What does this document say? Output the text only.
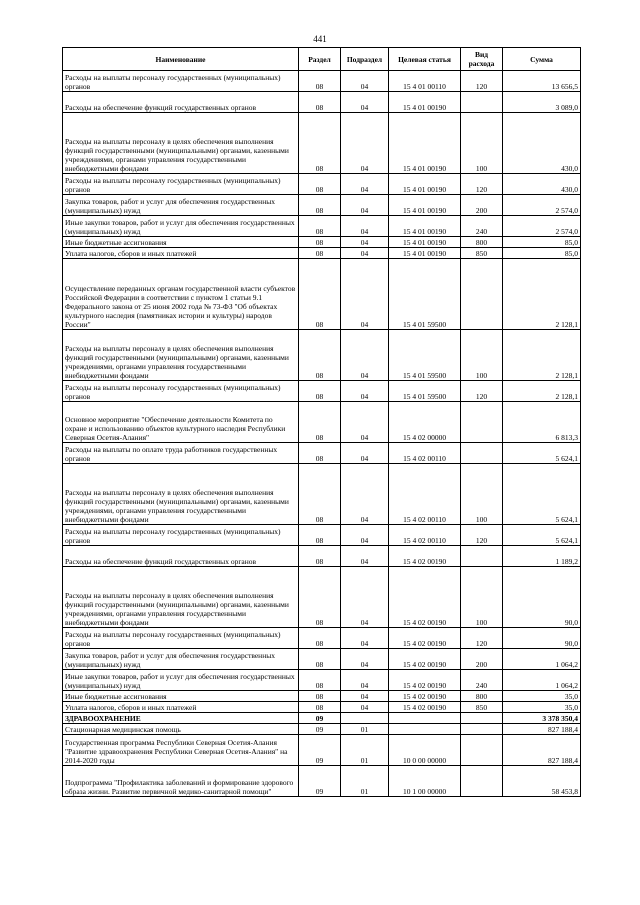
441
Наименование	Раздел	Подраздел	Целевая статья	Вид расхода	Сумма
Расходы на выплаты персоналу государственных (муниципальных) органов	08	04	15 4 01 00110	120	13 656,5
Расходы на обеспечение функций государственных органов	08	04	15 4 01 00190		3 089,0
Расходы на выплаты персоналу в целях обеспечения выполнения функций государственными (муниципальными) органами, казенными учреждениями, органами управления государственными внебюджетными фондами	08	04	15 4 01 00190	100	430,0
Расходы на выплаты персоналу государственных (муниципальных) органов	08	04	15 4 01 00190	120	430,0
Закупка товаров, работ и услуг для обеспечения государственных (муниципальных) нужд	08	04	15 4 01 00190	200	2 574,0
Иные закупки товаров, работ и услуг для обеспечения государственных (муниципальных) нужд	08	04	15 4 01 00190	240	2 574,0
Иные бюджетные ассигнования	08	04	15 4 01 00190	800	85,0
Уплата налогов, сборов и иных платежей	08	04	15 4 01 00190	850	85,0
Осуществление переданных органам государственной власти субъектов Российской Федерации в соответствии с пунктом 1 статьи 9.1 Федерального закона от 25 июня 2002 года № 73-ФЗ "Об объектах культурного наследия (памятниках истории и культуры) народов России"	08	04	15 4 01 59500		2 128,1
Расходы на выплаты персоналу в целях обеспечения выполнения функций государственными (муниципальными) органами, казенными учреждениями, органами управления государственными внебюджетными фондами	08	04	15 4 01 59500	100	2 128,1
Расходы на выплаты персоналу государственных (муниципальных) органов	08	04	15 4 01 59500	120	2 128,1
Основное мероприятие "Обеспечение деятельности Комитета по охране и использованию объектов культурного наследия Республики Северная Осетия-Алания"	08	04	15 4 02 00000		6 813,3
Расходы на выплаты по оплате труда работников государственных органов	08	04	15 4 02 00110		5 624,1
Расходы на выплаты персоналу в целях обеспечения выполнения функций государственными (муниципальными) органами, казенными учреждениями, органами управления государственными внебюджетными фондами	08	04	15 4 02 00110	100	5 624,1
Расходы на выплаты персоналу государственных (муниципальных) органов	08	04	15 4 02 00110	120	5 624,1
Расходы на обеспечение функций государственных органов	08	04	15 4 02 00190		1 189,2
Расходы на выплаты персоналу в целях обеспечения выполнения функций государственными (муниципальными) органами, казенными учреждениями, органами управления государственными внебюджетными фондами	08	04	15 4 02 00190	100	90,0
Расходы на выплаты персоналу государственных (муниципальных) органов	08	04	15 4 02 00190	120	90,0
Закупка товаров, работ и услуг для обеспечения государственных (муниципальных) нужд	08	04	15 4 02 00190	200	1 064,2
Иные закупки товаров, работ и услуг для обеспечения государственных (муниципальных) нужд	08	04	15 4 02 00190	240	1 064,2
Иные бюджетные ассигнования	08	04	15 4 02 00190	800	35,0
Уплата налогов, сборов и иных платежей	08	04	15 4 02 00190	850	35,0
ЗДРАВООХРАНЕНИЕ	09				3 378 350,4
Стационарная медицинская помощь	09	01			827 188,4
Государственная программа Республики Северная Осетия-Алания "Развитие здравоохранения Республики Северная Осетия-Алания" на 2014-2020 годы	09	01	10 0 00 00000		827 188,4
Подпрограмма "Профилактика заболеваний и формирование здорового образа жизни. Развитие первичной медико-санитарной помощи"	09	01	10 1 00 00000		58 453,8
